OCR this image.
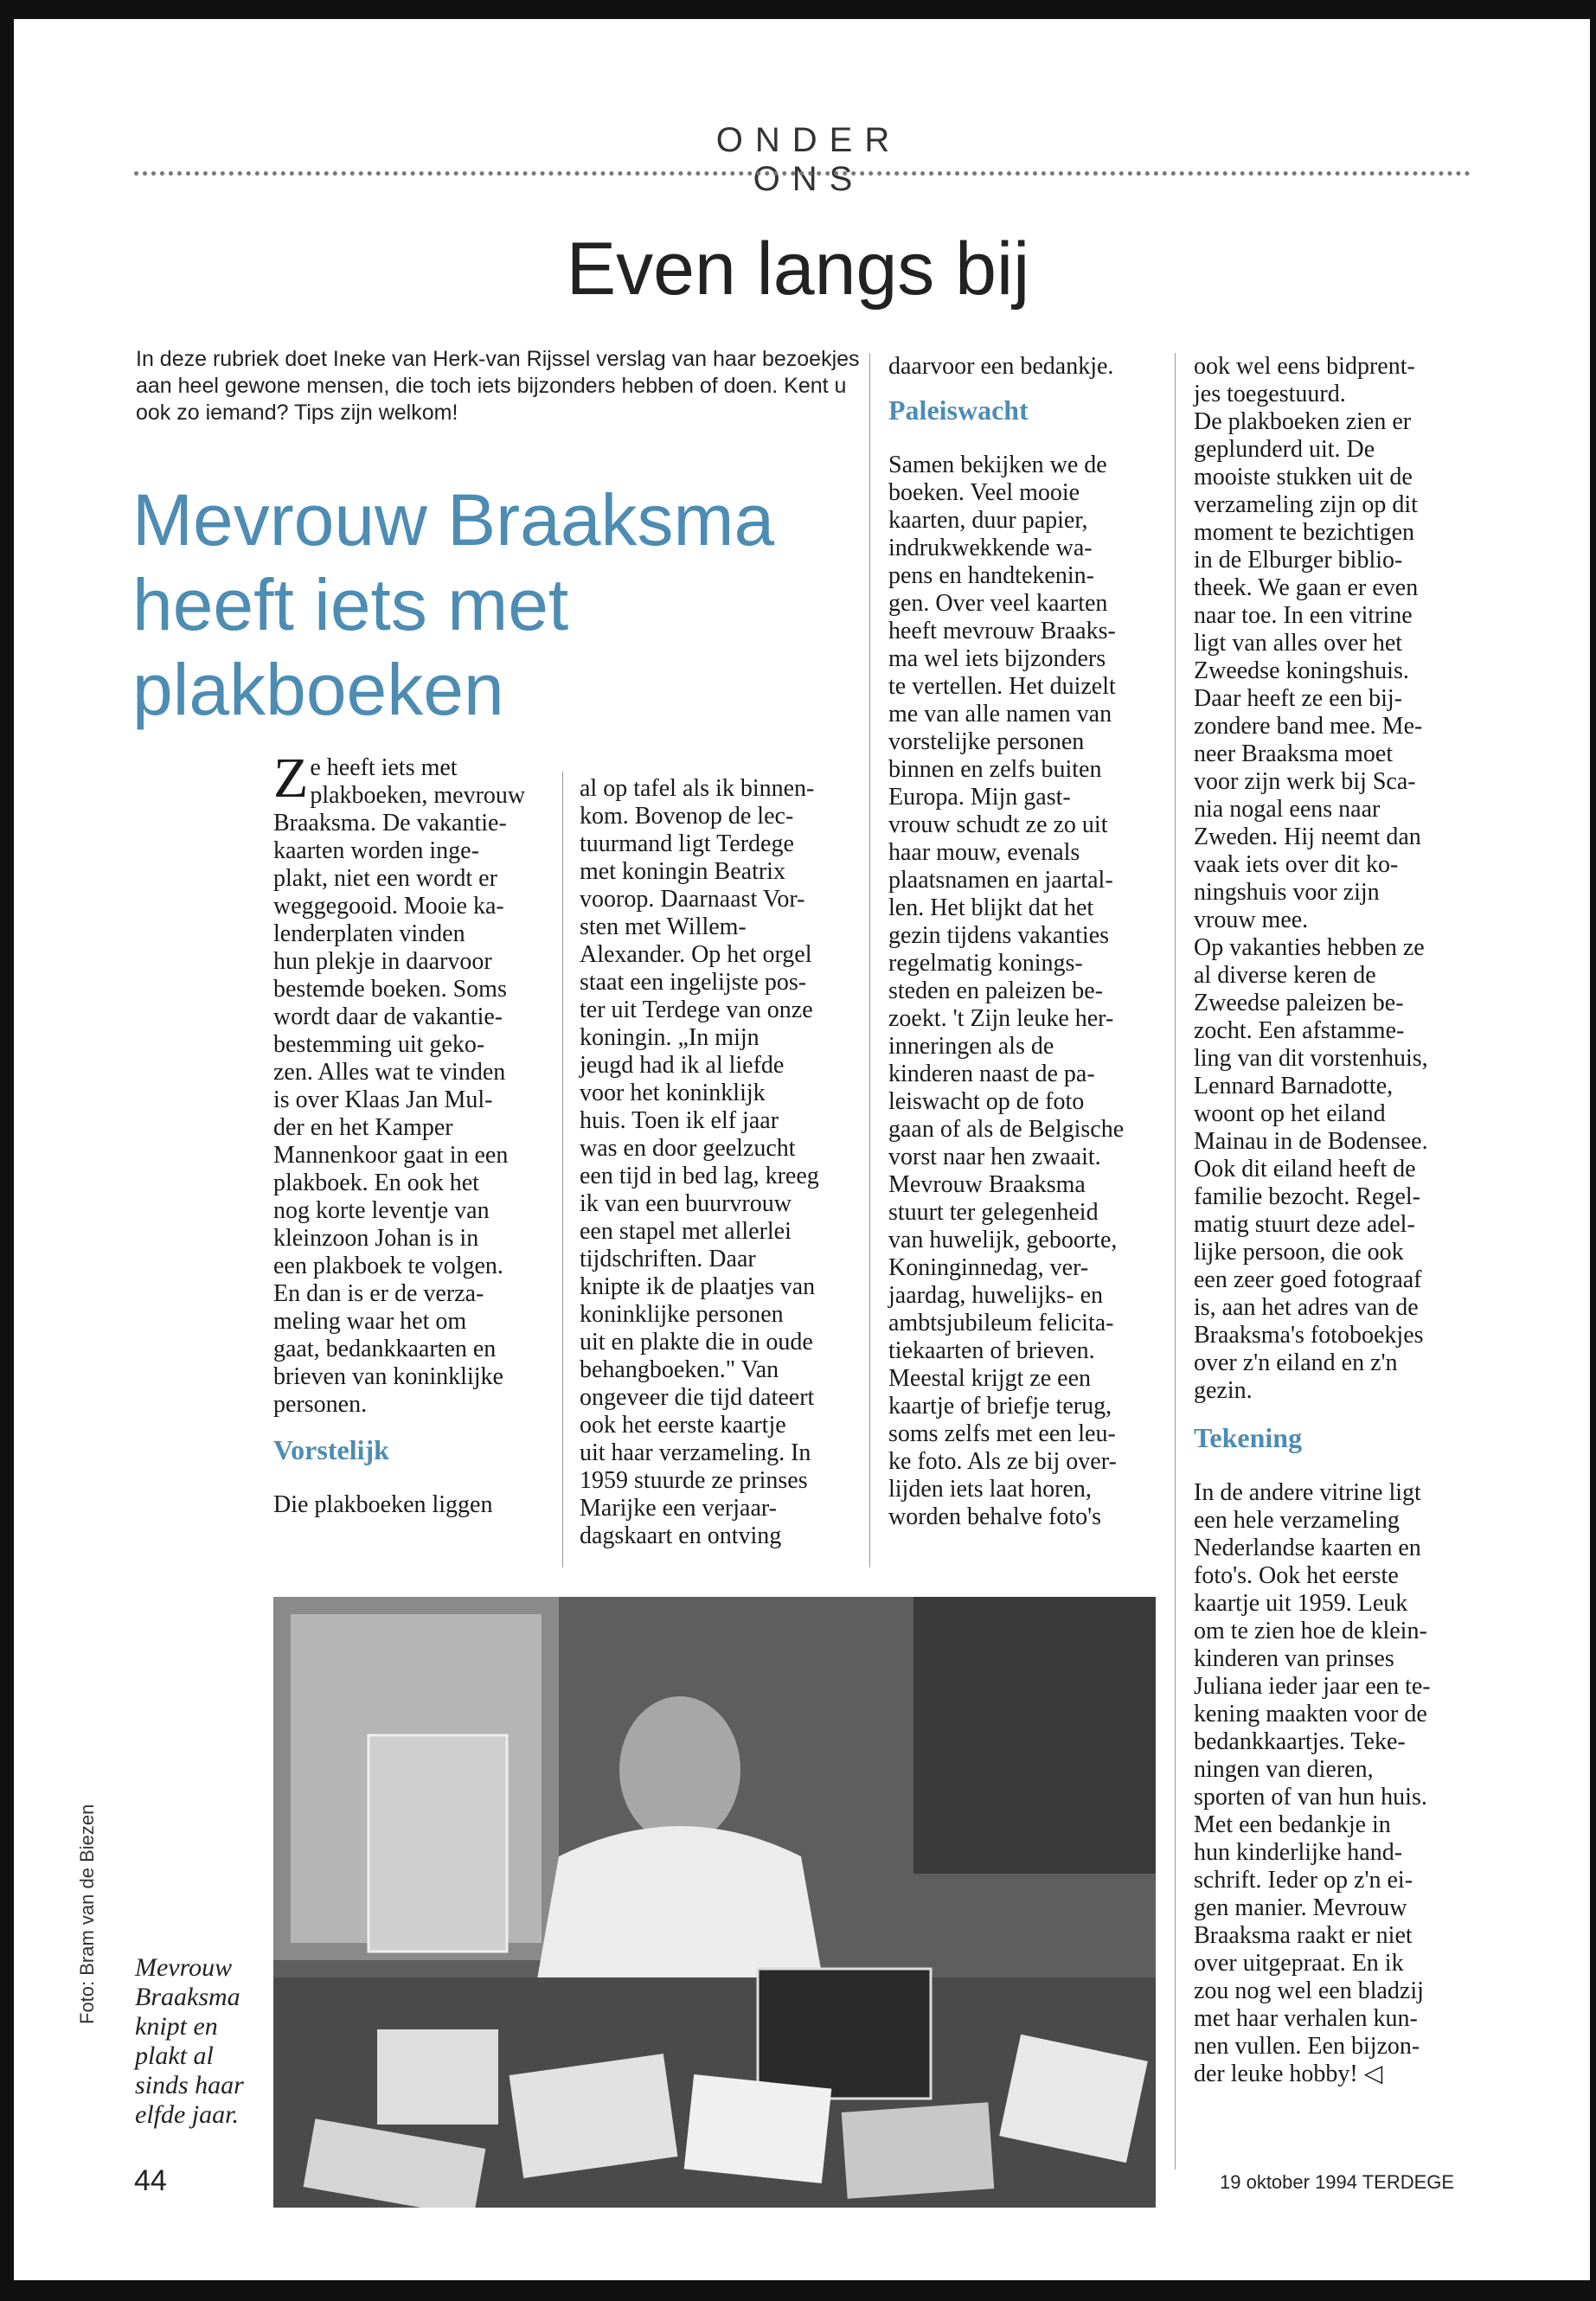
ONDER ONS
Even langs bij
In deze rubriek doet Ineke van Herk-van Rijssel verslag van haar bezoekjes aan heel gewone mensen, die toch iets bijzonders hebben of doen. Kent u ook zo iemand? Tips zijn welkom!
Mevrouw Braaksma heeft iets met plakboeken
Ze heeft iets met
plakboeken, mevrouw
Braaksma. De vakantie-
kaarten worden inge-
plakt, niet een wordt er
weggegooid. Mooie ka-
lenderplaten vinden
hun plekje in daarvoor
bestemde boeken. Soms
wordt daar de vakantie-
bestemming uit geko-
zen. Alles wat te vinden
is over Klaas Jan Mul-
der en het Kamper
Mannenkoor gaat in een
plakboek. En ook het
nog korte leventje van
kleinzoon Johan is in
een plakboek te volgen.
En dan is er de verza-
meling waar het om
gaat, bedankkaarten en
brieven van koninklijke
personen.

Vorstelijk

Die plakboeken liggen
al op tafel als ik binnen-
kom. Bovenop de lec-
tuurmand ligt Terdege
met koningin Beatrix
voorop. Daarnaast Vor-
sten met Willem-
Alexander. Op het orgel
staat een ingelijste pos-
ter uit Terdege van onze
koningin. „In mijn
jeugd had ik al liefde
voor het koninklijk
huis. Toen ik elf jaar
was en door geelzucht
een tijd in bed lag, kreeg
ik van een buurvrouw
een stapel met allerlei
tijdschriften. Daar
knipte ik de plaatjes van
koninklijke personen
uit en plakte die in oude
behangboeken." Van
ongeveer die tijd dateert
ook het eerste kaartje
uit haar verzameling. In
1959 stuurde ze prinses
Marijke een verjaar-
dagskaart en ontving
daarvoor een bedankje.

Paleiswacht

Samen bekijken we de
boeken. Veel mooie
kaarten, duur papier,
indrukwekkende wa-
pens en handtekenin-
gen. Over veel kaarten
heeft mevrouw Braaks-
ma wel iets bijzonders
te vertellen. Het duizelt
me van alle namen van
vorstelijke personen
binnen en zelfs buiten
Europa. Mijn gast-
vrouw schudt ze zo uit
haar mouw, evenals
plaatsnamen en jaartal-
len. Het blijkt dat het
gezin tijdens vakanties
regelmatig konings-
steden en paleizen be-
zoekt. 't Zijn leuke her-
inneringen als de
kinderen naast de pa-
leiswacht op de foto
gaan of als de Belgische
vorst naar hen zwaait.
Mevrouw Braaksma
stuurt ter gelegenheid
van huwelijk, geboorte,
Koninginnedag, ver-
jaardag, huwelijks- en
ambtsjubileum felicita-
tiekaarten of brieven.
Meestal krijgt ze een
kaartje of briefje terug,
soms zelfs met een leu-
ke foto. Als ze bij over-
lijden iets laat horen,
worden behalve foto's
ook wel eens bidprent-
jes toegestuurd.
De plakboeken zien er
geplunderd uit. De
mooiste stukken uit de
verzameling zijn op dit
moment te bezichtigen
in de Elburger biblio-
theek. We gaan er even
naar toe. In een vitrine
ligt van alles over het
Zweedse koningshuis.
Daar heeft ze een bij-
zondere band mee. Me-
neer Braaksma moet
voor zijn werk bij Sca-
nia nogal eens naar
Zweden. Hij neemt dan
vaak iets over dit ko-
ningshuis voor zijn
vrouw mee.
Op vakanties hebben ze
al diverse keren de
Zweedse paleizen be-
zocht. Een afstamme-
ling van dit vorstenhuis,
Lennard Barnadotte,
woont op het eiland
Mainau in de Bodensee.
Ook dit eiland heeft de
familie bezocht. Regel-
matig stuurt deze adel-
lijke persoon, die ook
een zeer goed fotograaf
is, aan het adres van de
Braaksma's fotoboekjes
over z'n eiland en z'n
gezin.

Tekening

In de andere vitrine ligt
een hele verzameling
Nederlandse kaarten en
foto's. Ook het eerste
kaartje uit 1959. Leuk
om te zien hoe de klein-
kinderen van prinses
Juliana ieder jaar een te-
kening maakten voor de
bedankkaartjes. Teke-
ningen van dieren,
sporten of van hun huis.
Met een bedankje in
hun kinderlijke hand-
schrift. Ieder op z'n ei-
gen manier. Mevrouw
Braaksma raakt er niet
over uitgepraat. En ik
zou nog wel een bladzij
met haar verhalen kun-
nen vullen. Een bijzon-
der leuke hobby! ◁
Mevrouw
Braaksma
knipt en
plakt al
sinds haar
elfde jaar.
Foto: Bram van de Biezen
44	19 oktober 1994 TERDEGE
